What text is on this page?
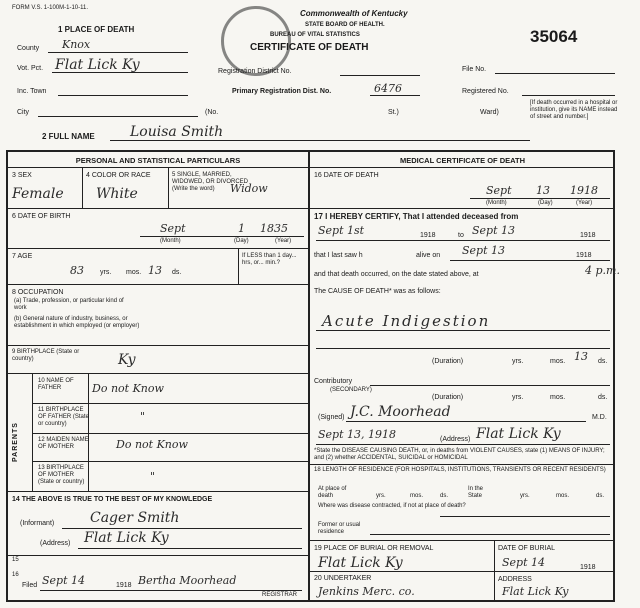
FORM V.S. 1-100M-1-10-11.
Commonwealth of Kentucky
STATE BOARD OF HEALTH.
BUREAU OF VITAL STATISTICS
CERTIFICATE OF DEATH
35064
1 PLACE OF DEATH
County Knox
Vot. Pct. Flat Lick Ky
Inc. Town
City	(No.	St.)	Ward)
Registration District No.
Primary Registration Dist. No.	6476
File No.
Registered No.
[If death occurred in a hospital or institution, give its NAME instead of street and number.]
2 FULL NAME	Louisa Smith
PERSONAL AND STATISTICAL PARTICULARS	MEDICAL CERTIFICATE OF DEATH
3 SEX
Female
4 COLOR OR RACE
White
5 SINGLE, MARRIED, WIDOWED, OR DIVORCED (Write the word)	Widow
6 DATE OF BIRTH
Sept	1 1835
(Month)	(Day)	(Year)
7 AGE
83 yrs.	13
mos.	ds.
If LESS than 1 day... hrs, or... min.?
8 OCCUPATION
(a) Trade, profession, or particular kind of work
(b) General nature of industry, business, or establishment in which employed (or employer)
9 BIRTHPLACE (State or country)	Ky
PARENTS
10 NAME OF FATHER	Do not Know
11 BIRTHPLACE OF FATHER (State or country)
"
12 MAIDEN NAME OF MOTHER	Do not Know
13 BIRTHPLACE OF MOTHER (State or country)	"
14 THE ABOVE IS TRUE TO THE BEST OF MY KNOWLEDGE
(Informant)	Cager Smith
(Address) Flat Lick Ky
15
16
Filed Sept 14	1918 Bertha Moorhead
REGISTRAR
16 DATE OF DEATH
Sept 13 1918
(Month)	(Day)	(Year)
17 I HEREBY CERTIFY, That I attended deceased from
Sept 1st	1918	to Sept 13	1918
that I last saw h	alive on Sept 13	1918
and that death occurred, on the date stated above, at	4 p.m.
The CAUSE OF DEATH* was as follows:
Acute Indigestion
(Duration)	yrs.	mos. 13 ds.
Contributory
(SECONDARY)
(Duration)	yrs.	mos.	ds.
(Signed) J.C. Moorhead	M.D.
Sept 13, 1918	(Address) Flat Lick Ky
*State the DISEASE CAUSING DEATH, or, in deaths from VIOLENT CAUSES, state (1) MEANS OF INJURY; and (2) whether ACCIDENTAL, SUICIDAL or HOMICIDAL
18 LENGTH OF RESIDENCE (FOR HOSPITALS, INSTITUTIONS, TRANSIENTS OR RECENT RESIDENTS)
At place of death	yrs.	mos.	ds.
In the State	yrs.	mos.	ds.
Where was disease contracted, if not at place of death?
Former or usual residence
19 PLACE OF BURIAL OR REMOVAL
Flat Lick Ky
DATE OF BURIAL
Sept 14	1918
20 UNDERTAKER
Jenkins Merc. co.
ADDRESS
Flat Lick Ky
